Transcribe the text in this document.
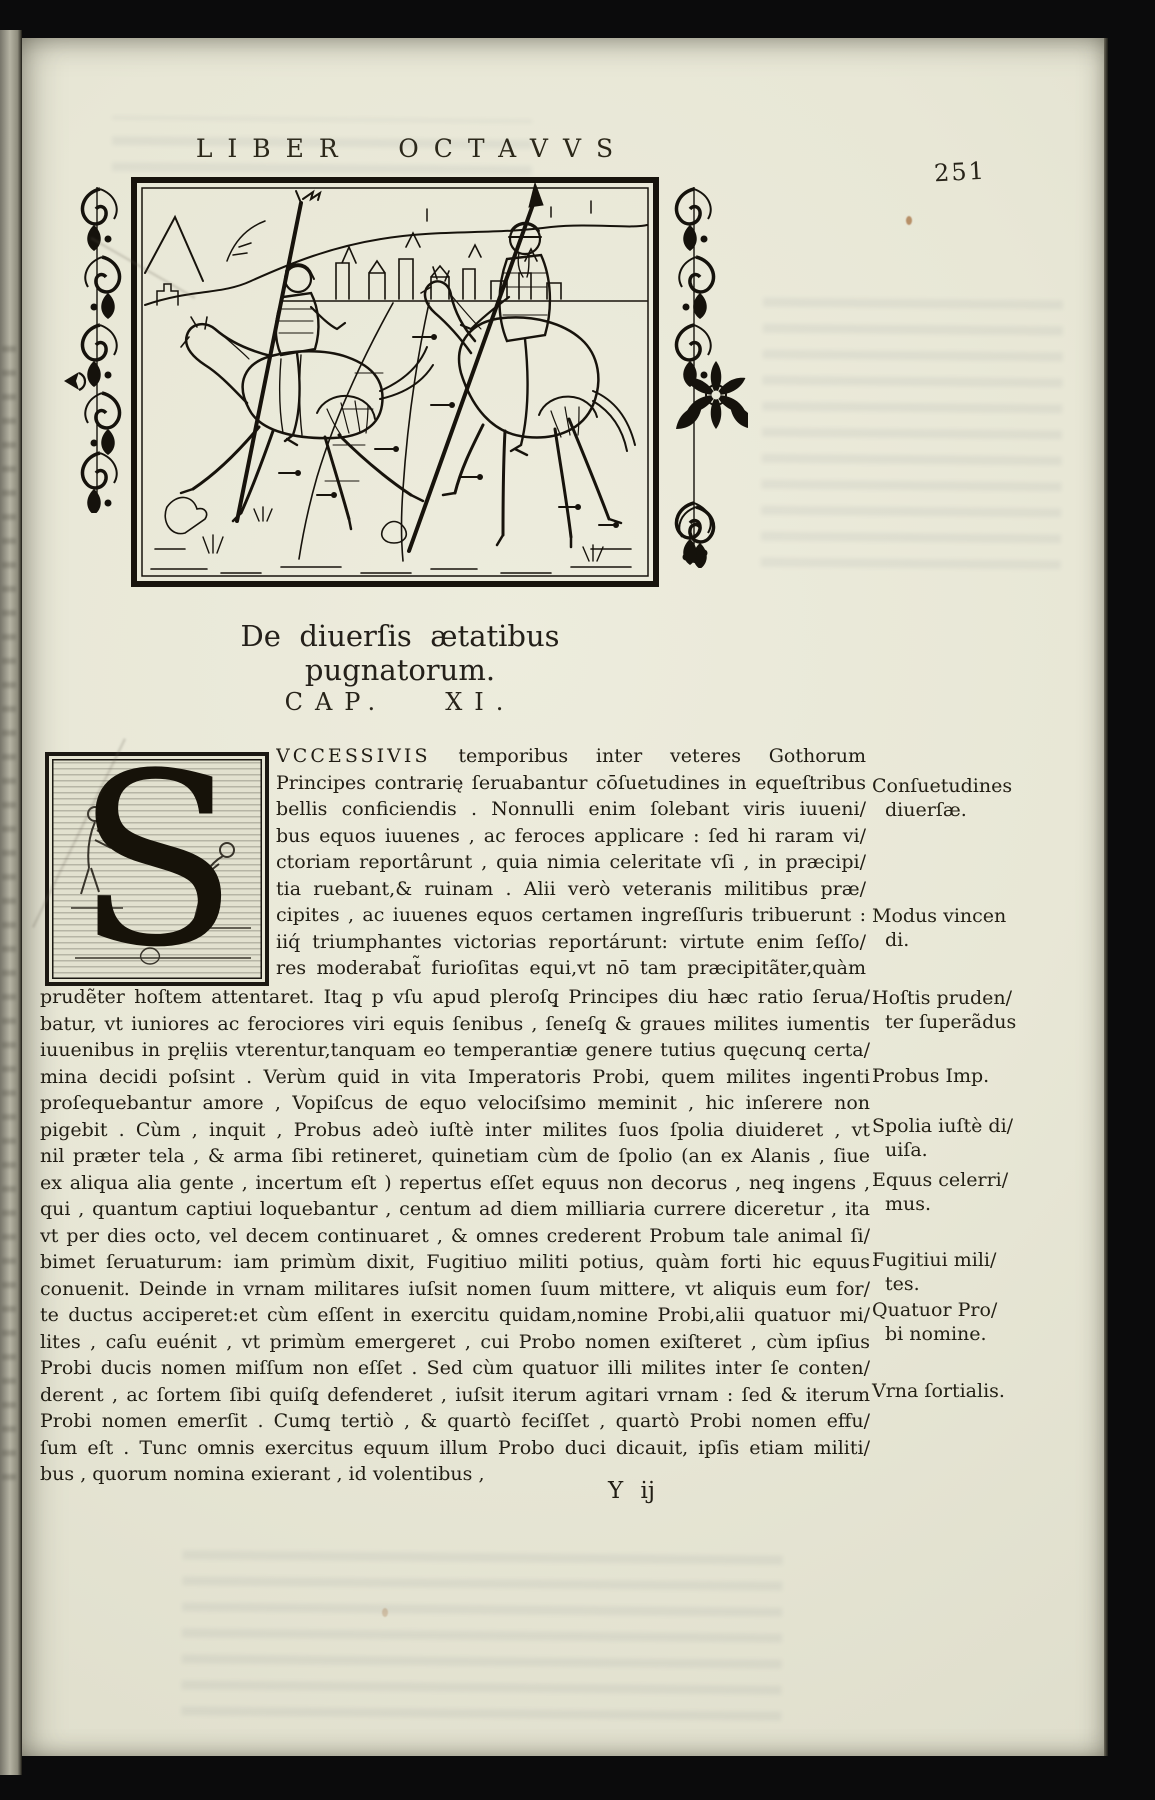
LIBER OCTAVVS
251
De diuerſis ætatibus pugnatorum.
CAP. XI.
S	VCCESSIVIS temporibus inter veteres Gothorum
Principes contrarię ſeruabantur cōſuetudines in equeſtribus
bellis conficiendis . Nonnulli enim ſolebant viris iuueni/
bus equos iuuenes , ac feroces applicare : ſed hi raram vi/
ctoriam reportârunt , quia nimia celeritate vſi , in præcipi/
tia ruebant,& ruinam . Alii verò veteranis militibus præ/
cipites , ac iuuenes equos certamen ingreſſuris tribuerunt :
iiq́ triumphantes victorias reportárunt: virtute enim ſeſſo/
res moderabat̃ furioſitas equi,vt nō tam præcipitãter,quàm
prudẽter hoſtem attentaret. Itaq̧ p vſu apud pleroſq̧ Principes diu hæc ratio ſerua/
batur, vt iuniores ac ferociores viri equis ſenibus , ſeneſq̧ & graues milites iumentis
iuuenibus in pręliis vterentur,tanquam eo temperantiæ genere tutius quęcunq̧ certa/
mina decidi poſsint . Verùm quid in vita Imperatoris Probi, quem milites ingenti
proſequebantur amore , Vopiſcus de equo velociſsimo meminit , hic inſerere non
pigebit . Cùm , inquit , Probus adeò iuſtè inter milites ſuos ſpolia diuideret , vt
nil præter tela , & arma ſibi retineret, quinetiam cùm de ſpolio (an ex Alanis , ſiue
ex aliqua alia gente , incertum eſt ) repertus eſſet equus non decorus , neq̧ ingens ,
qui , quantum captiui loquebantur , centum ad diem milliaria currere diceretur , ita
vt per dies octo, vel decem continuaret , & omnes crederent Probum tale animal ſi/
bimet ſeruaturum: iam primùm dixit, Fugitiuo militi potius, quàm forti hic equus
conuenit. Deinde in vrnam militares iuſsit nomen ſuum mittere, vt aliquis eum for/
te ductus acciperet:et cùm eſſent in exercitu quidam,nomine Probi,alii quatuor mi/
lites , caſu euénit , vt primùm emergeret , cui Probo nomen exiſteret , cùm ipſius
Probi ducis nomen miſſum non eſſet . Sed cùm quatuor illi milites inter ſe conten/
derent , ac ſortem ſibi quiſq̧ defenderet , iuſsit iterum agitari vrnam : ſed & iterum
Probi nomen emerſit . Cumq̧ tertiò , & quartò feciſſet , quartò Probi nomen effu/
ſum eſt . Tunc omnis exercitus equum illum Probo duci dicauit, ipſis etiam militi/
bus , quorum nomina exierant , id volentibus ,
Y ij
Conſuetudines
diuerſæ.
Modus vincen
di.
Hoſtis pruden/
ter ſuperãdus
Probus Imp.
Spolia iuſtè di/
uiſa.
Equus celerri/
mus.
Fugitiui mili/
tes.
Quatuor Pro/
bi nomine.
Vrna ſortialis.
